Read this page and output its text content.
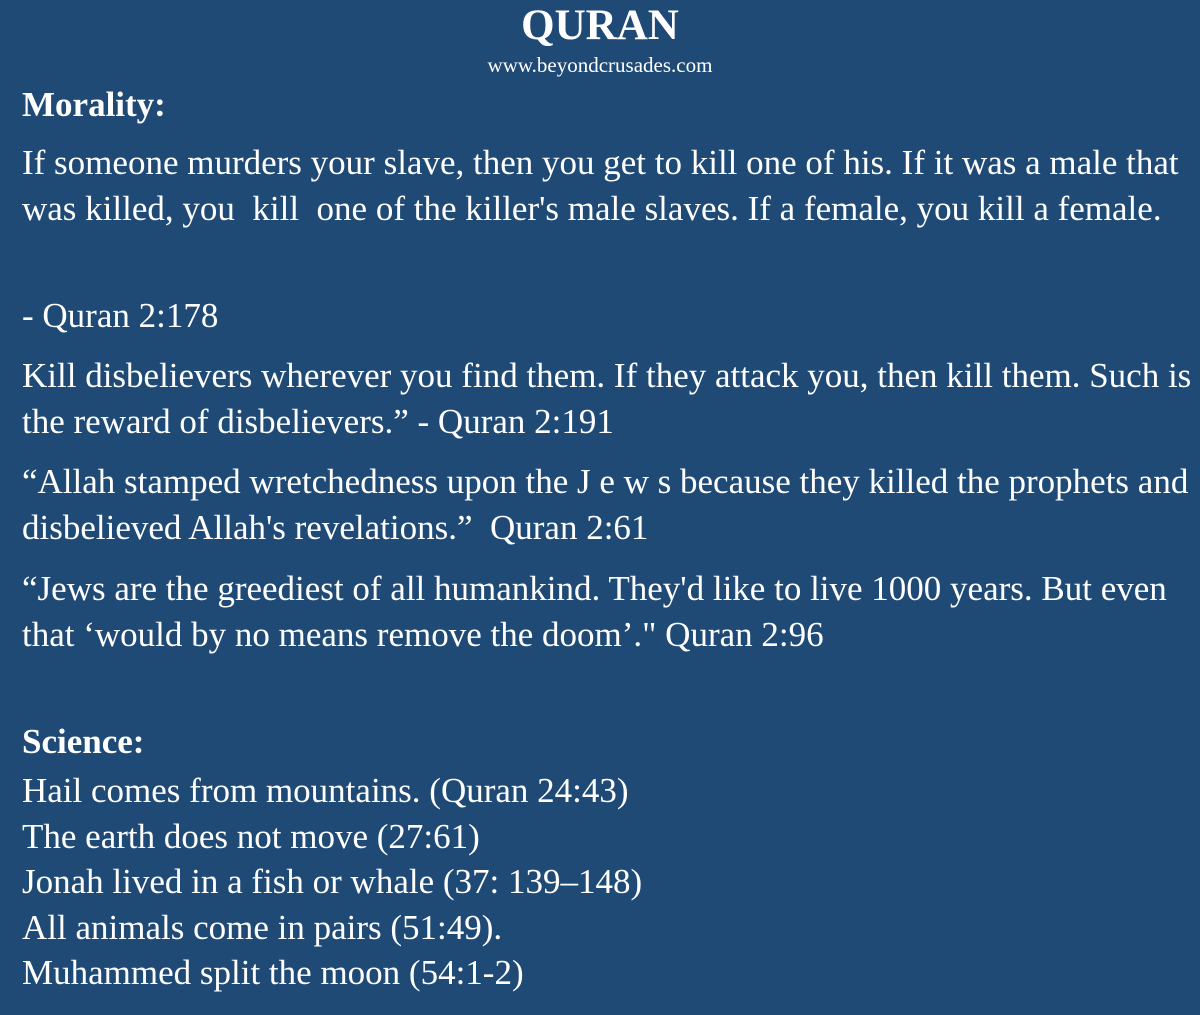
QURAN
www.beyondcrusades.com
Morality:
If someone murders your slave, then you get to kill one of his. If it was a male that was killed, you  kill  one of the killer's male slaves. If a female, you kill a female.
- Quran 2:178
Kill disbelievers wherever you find them. If they attack you, then kill them. Such is the reward of disbelievers.” - Quran 2:191
“Allah stamped wretchedness upon the J e w s because they killed the prophets and disbelieved Allah's revelations.”  Quran 2:61
“Jews are the greediest of all humankind. They'd like to live 1000 years. But even that ‘would by no means remove the doom’." Quran 2:96
Science:
Hail comes from mountains. (Quran 24:43)
The earth does not move (27:61)
Jonah lived in a fish or whale (37: 139–148)
All animals come in pairs (51:49).
Muhammed split the moon (54:1-2)
